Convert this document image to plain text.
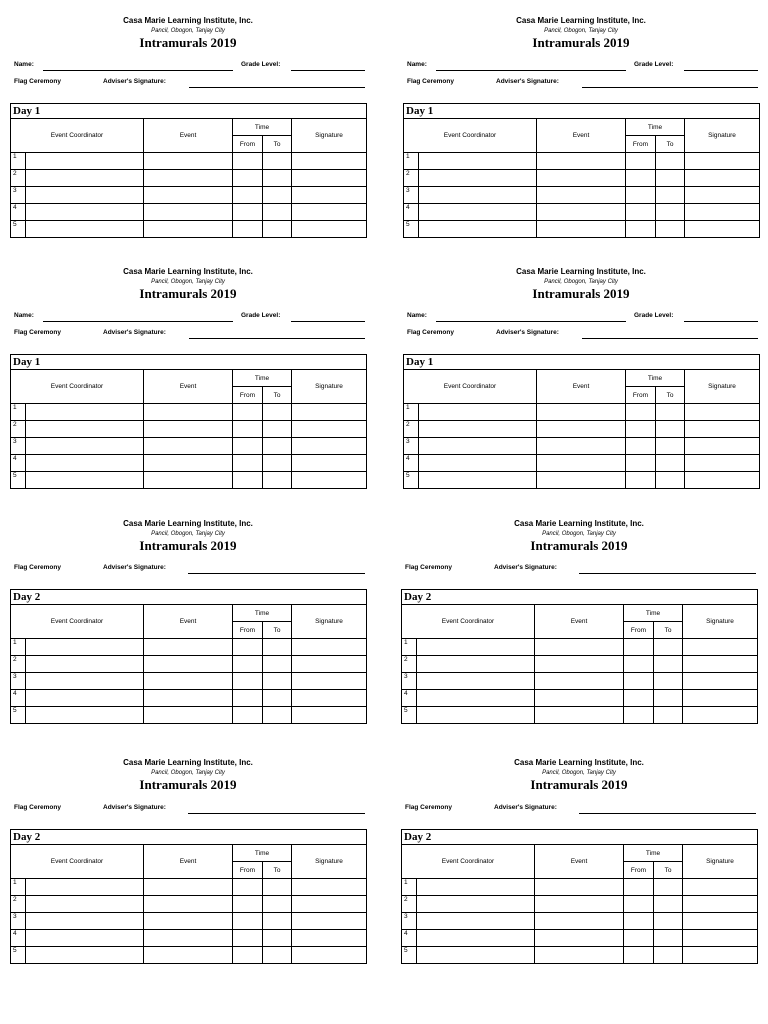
Casa Marie Learning Institute, Inc.
Pancil, Obogon, Tanjay City
Intramurals 2019
Name:	Grade Level:
Flag Ceremony	Adviser's Signature:
Day 1					
Event Coordinator		Event	Time		Signature
			From	To	
1					
2					
3					
4					
5					
Casa Marie Learning Institute, Inc.
Pancil, Obogon, Tanjay City
Intramurals 2019
Name:	Grade Level:
Flag Ceremony	Adviser's Signature:
Day 1					
Event Coordinator		Event	Time		Signature
			From	To	
1					
2					
3					
4					
5					
Casa Marie Learning Institute, Inc.
Pancil, Obogon, Tanjay City
Intramurals 2019
Name:	Grade Level:
Flag Ceremony	Adviser's Signature:
Day 1					
Event Coordinator		Event	Time		Signature
			From	To	
1					
2					
3					
4					
5					
Casa Marie Learning Institute, Inc.
Pancil, Obogon, Tanjay City
Intramurals 2019
Name:	Grade Level:
Flag Ceremony	Adviser's Signature:
Day 1					
Event Coordinator		Event	Time		Signature
			From	To	
1					
2					
3					
4					
5					
Casa Marie Learning Institute, Inc.
Pancil, Obogon, Tanjay City
Intramurals 2019
Flag Ceremony	Adviser's Signature:
Day 2					
Event Coordinator		Event	Time		Signature
			From	To	
1					
2					
3					
4					
5					
Casa Marie Learning Institute, Inc.
Pancil, Obogon, Tanjay City
Intramurals 2019
Flag Ceremony	Adviser's Signature:
Day 2					
Event Coordinator		Event	Time		Signature
			From	To	
1					
2					
3					
4					
5					
Casa Marie Learning Institute, Inc.
Pancil, Obogon, Tanjay City
Intramurals 2019
Flag Ceremony	Adviser's Signature:
Day 2					
Event Coordinator		Event	Time		Signature
			From	To	
1					
2					
3					
4					
5					
Casa Marie Learning Institute, Inc.
Pancil, Obogon, Tanjay City
Intramurals 2019
Flag Ceremony	Adviser's Signature:
Day 2					
Event Coordinator		Event	Time		Signature
			From	To	
1					
2					
3					
4					
5					
